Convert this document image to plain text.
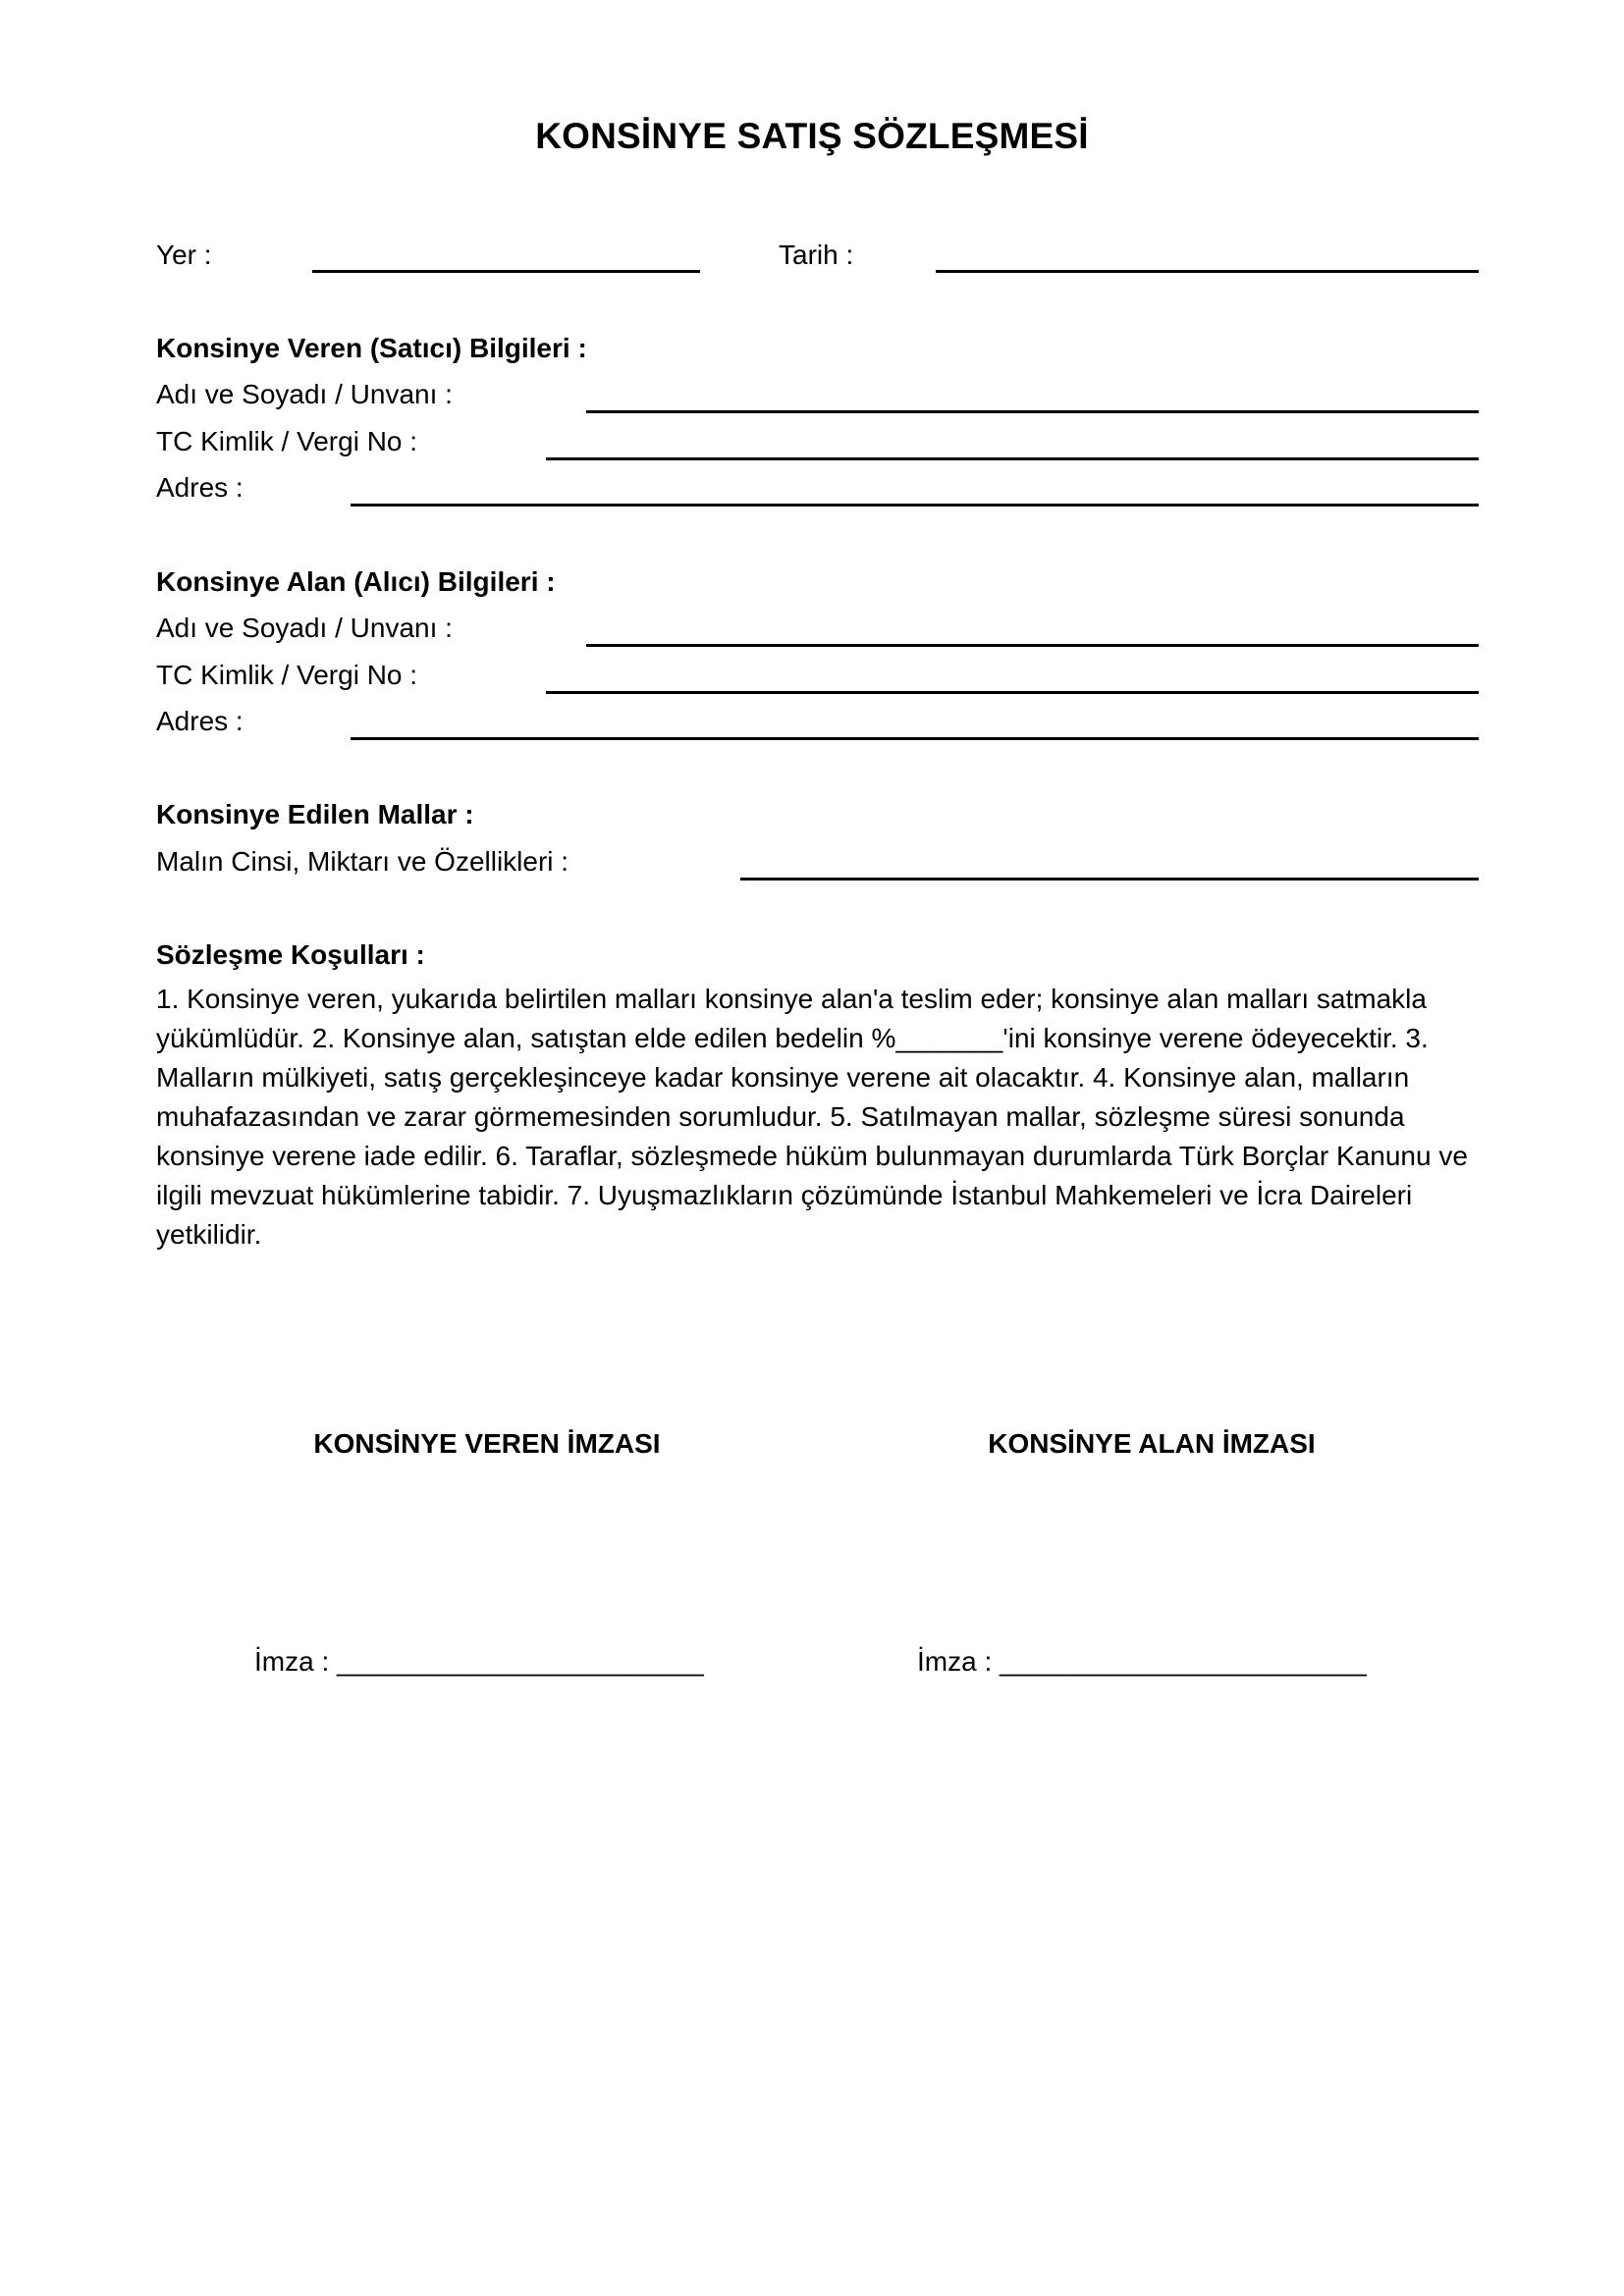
KONSİNYE SATIŞ SÖZLEŞMESİ
Yer :	Tarih :
Konsinye Veren (Satıcı) Bilgileri :
Adı ve Soyadı / Unvanı :
TC Kimlik / Vergi No :
Adres :
Konsinye Alan (Alıcı) Bilgileri :
Adı ve Soyadı / Unvanı :
TC Kimlik / Vergi No :
Adres :
Konsinye Edilen Mallar :
Malın Cinsi, Miktarı ve Özellikleri :
Sözleşme Koşulları :
1. Konsinye veren, yukarıda belirtilen malları konsinye alan'a teslim eder; konsinye alan malları satmakla yükümlüdür. 2. Konsinye alan, satıştan elde edilen bedelin %_______'ini konsinye verene ödeyecektir. 3. Malların mülkiyeti, satış gerçekleşinceye kadar konsinye verene ait olacaktır. 4. Konsinye alan, malların muhafazasından ve zarar görmemesinden sorumludur. 5. Satılmayan mallar, sözleşme süresi sonunda konsinye verene iade edilir. 6. Taraflar, sözleşmede hüküm bulunmayan durumlarda Türk Borçlar Kanunu ve ilgili mevzuat hükümlerine tabidir. 7. Uyuşmazlıkların çözümünde İstanbul Mahkemeleri ve İcra Daireleri yetkilidir.
KONSİNYE VEREN İMZASI	KONSİNYE ALAN İMZASI
İmza : ________________________	İmza : ________________________
